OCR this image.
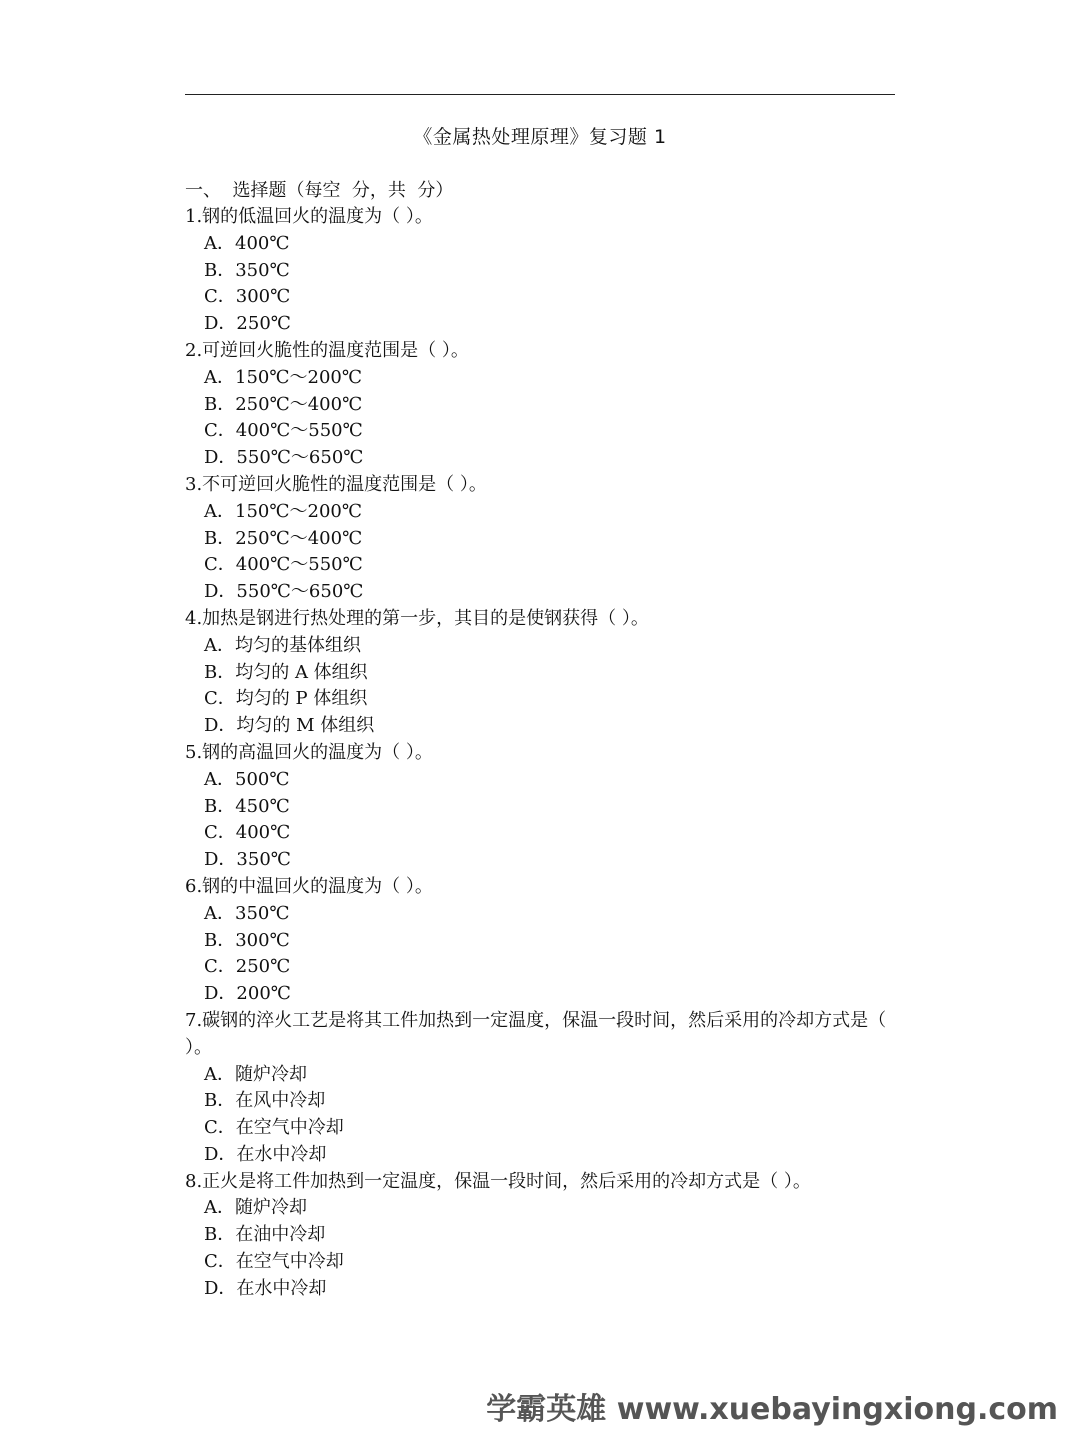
《金属热处理原理》复习题 1
一、  选择题（每空  分，共  分）
1.钢的低温回火的温度为（ ）。
A．400℃
B．350℃
C．300℃
D．250℃
2.可逆回火脆性的温度范围是（ ）。
A．150℃～200℃
B．250℃～400℃
C．400℃～550℃
D．550℃～650℃
3.不可逆回火脆性的温度范围是（ ）。
A．150℃～200℃
B．250℃～400℃
C．400℃～550℃
D．550℃～650℃
4.加热是钢进行热处理的第一步，其目的是使钢获得（ ）。
A．均匀的基体组织
B．均匀的 A 体组织
C．均匀的 P 体组织
D．均匀的 M 体组织
5.钢的高温回火的温度为（ ）。
A．500℃
B．450℃
C．400℃
D．350℃
6.钢的中温回火的温度为（ ）。
A．350℃
B．300℃
C．250℃
D．200℃
7.碳钢的淬火工艺是将其工件加热到一定温度，保温一段时间，然后采用的冷却方式是（ ）。
A．随炉冷却
B．在风中冷却
C．在空气中冷却
D．在水中冷却
8.正火是将工件加热到一定温度，保温一段时间，然后采用的冷却方式是（ ）。
A．随炉冷却
B．在油中冷却
C．在空气中冷却
D．在水中冷却
学霸英雄 www.xuebayingxiong.com
